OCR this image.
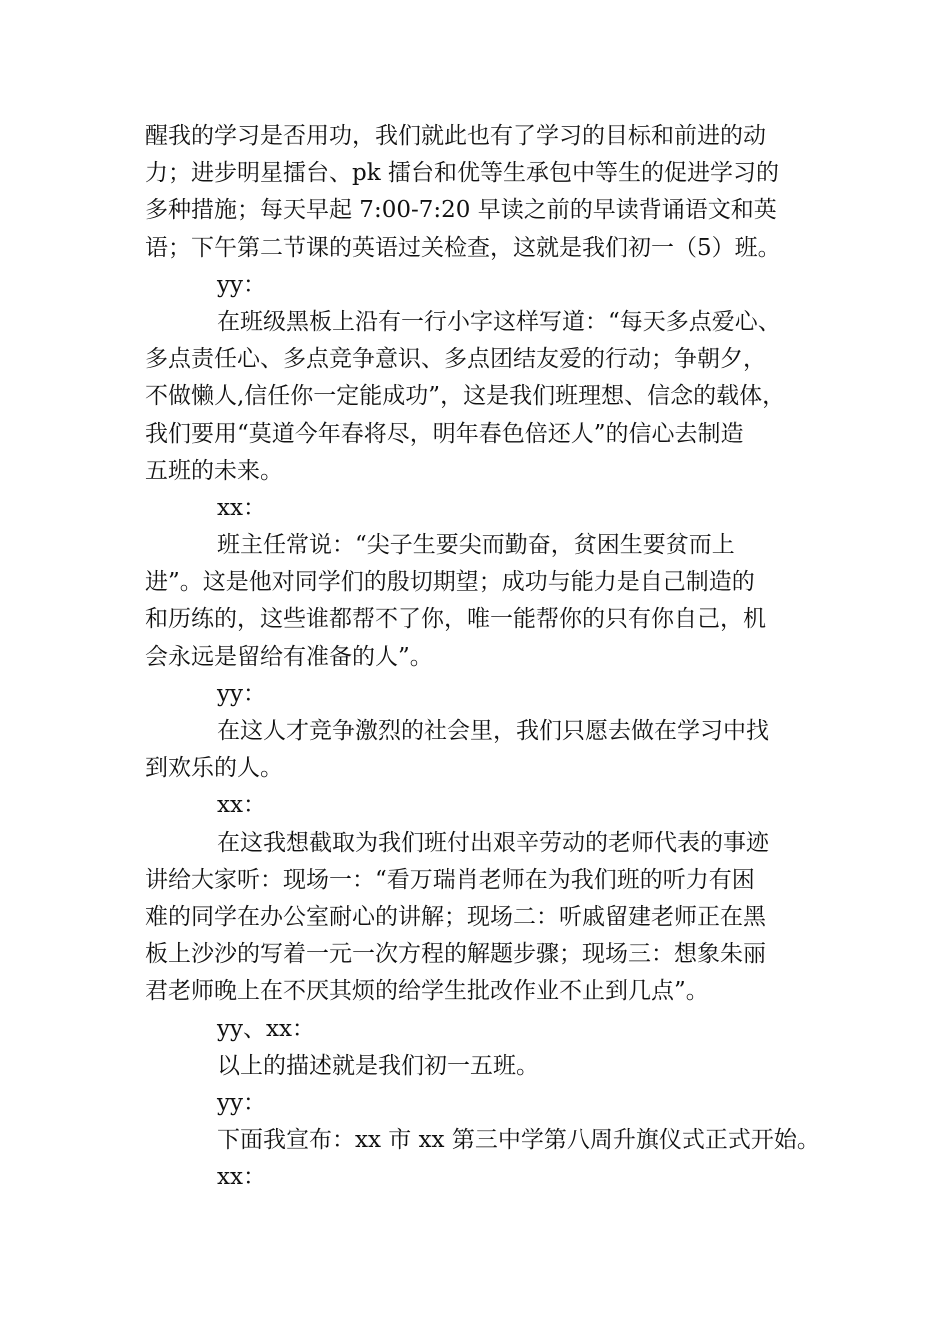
醒我的学习是否用功，我们就此也有了学习的目标和前进的动
力；进步明星擂台、pk 擂台和优等生承包中等生的促进学习的
多种措施；每天早起 7:00-7:20 早读之前的早读背诵语文和英
语；下午第二节课的英语过关检查，这就是我们初一（5）班。
yy：
在班级黑板上沿有一行小字这样写道：“每天多点爱心、
多点责任心、多点竞争意识、多点团结友爱的行动；争朝夕，
不做懒人,信任你一定能成功”，这是我们班理想、信念的载体，
我们要用“莫道今年春将尽，明年春色倍还人”的信心去制造
五班的未来。
xx：
班主任常说：“尖子生要尖而勤奋，贫困生要贫而上
进”。这是他对同学们的殷切期望；成功与能力是自己制造的
和历练的，这些谁都帮不了你，唯一能帮你的只有你自己，机
会永远是留给有准备的人”。
yy：
在这人才竞争激烈的社会里，我们只愿去做在学习中找
到欢乐的人。
xx：
在这我想截取为我们班付出艰辛劳动的老师代表的事迹
讲给大家听：现场一：“看万瑞肖老师在为我们班的听力有困
难的同学在办公室耐心的讲解；现场二：听戚留建老师正在黑
板上沙沙的写着一元一次方程的解题步骤；现场三：想象朱丽
君老师晚上在不厌其烦的给学生批改作业不止到几点”。
yy、xx：
以上的描述就是我们初一五班。
yy：
下面我宣布：xx 市 xx 第三中学第八周升旗仪式正式开始。
xx：
